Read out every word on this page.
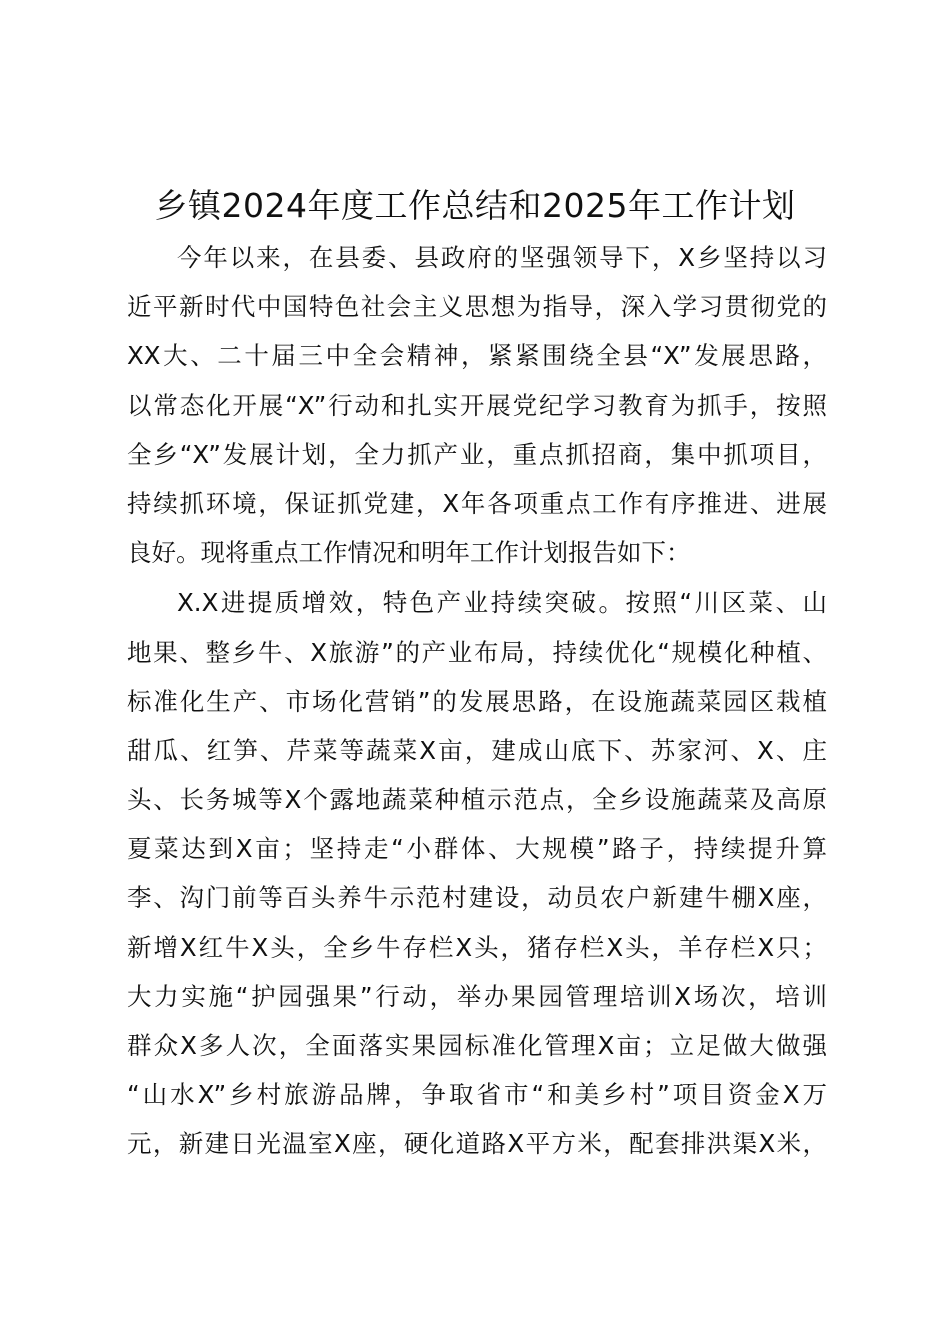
乡镇2024年度工作总结和2025年工作计划
今年以来，在县委、县政府的坚强领导下，X乡坚持以习
近平新时代中国特色社会主义思想为指导，深入学习贯彻党的
XX大、二十届三中全会精神，紧紧围绕全县“X”发展思路，
以常态化开展“X”行动和扎实开展党纪学习教育为抓手，按照
全乡“X”发展计划，全力抓产业，重点抓招商，集中抓项目，
持续抓环境，保证抓党建，X年各项重点工作有序推进、进展
良好。现将重点工作情况和明年工作计划报告如下：
X.X进提质增效，特色产业持续突破。按照“川区菜、山
地果、整乡牛、X旅游”的产业布局，持续优化“规模化种植、
标准化生产、市场化营销”的发展思路，在设施蔬菜园区栽植
甜瓜、红笋、芹菜等蔬菜X亩，建成山底下、苏家河、X、庄
头、长务城等X个露地蔬菜种植示范点，全乡设施蔬菜及高原
夏菜达到X亩；坚持走“小群体、大规模”路子，持续提升算
李、沟门前等百头养牛示范村建设，动员农户新建牛棚X座，
新增X红牛X头，全乡牛存栏X头，猪存栏X头，羊存栏X只；
大力实施“护园强果”行动，举办果园管理培训X场次，培训
群众X多人次，全面落实果园标准化管理X亩；立足做大做强
“山水X”乡村旅游品牌，争取省市“和美乡村”项目资金X万
元，新建日光温室X座，硬化道路X平方米，配套排洪渠X米，
